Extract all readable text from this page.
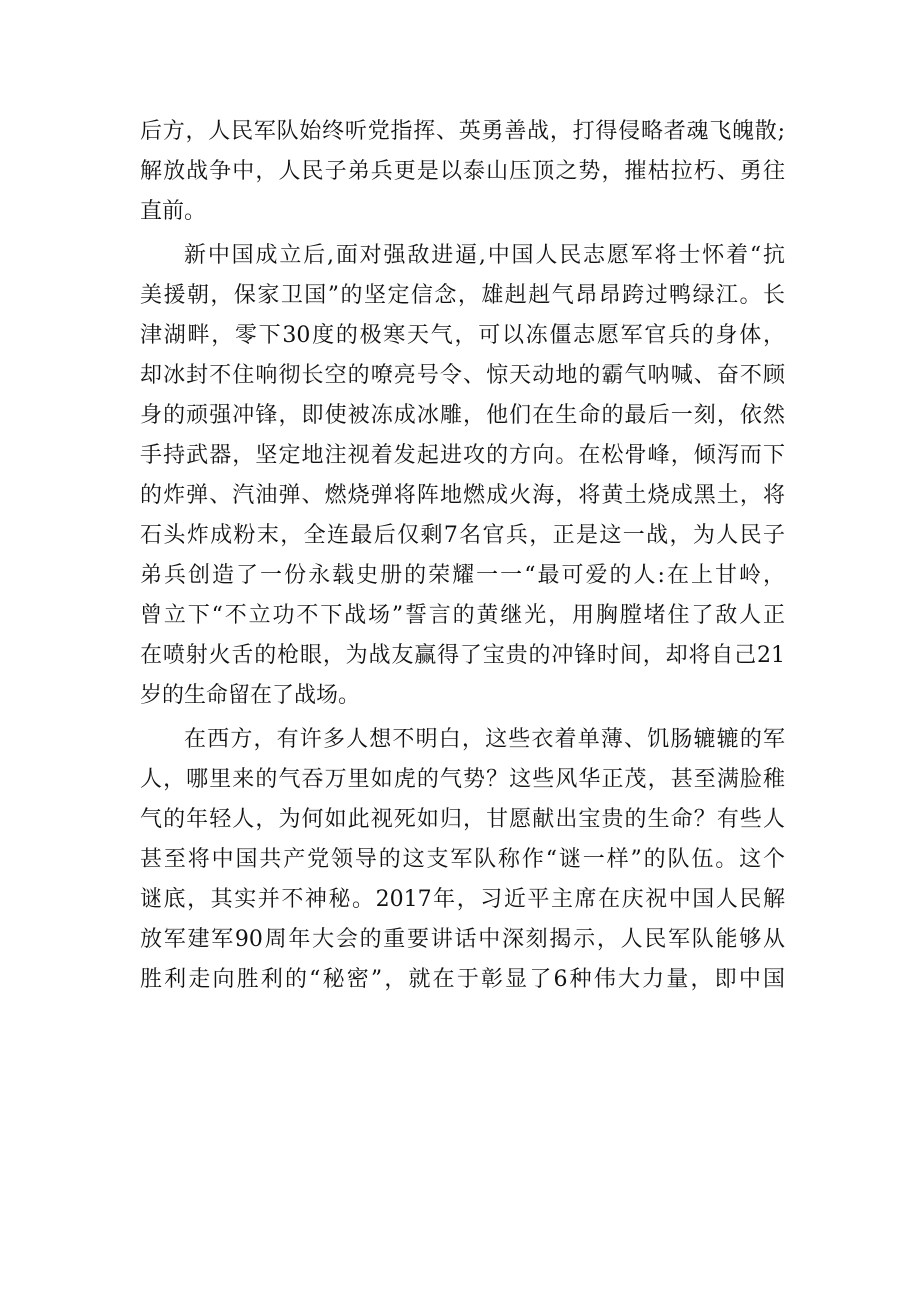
后方，人民军队始终听党指挥、英勇善战，打得侵略者魂飞魄散;
解放战争中，人民子弟兵更是以泰山压顶之势，摧枯拉朽、勇往
直前。
新中国成立后,面对强敌进逼,中国人民志愿军将士怀着“抗
美援朝，保家卫国”的坚定信念，雄赳赳气昂昂跨过鸭绿江。长
津湖畔，零下30度的极寒天气，可以冻僵志愿军官兵的身体，
却冰封不住响彻长空的嘹亮号令、惊天动地的霸气呐喊、奋不顾
身的顽强冲锋，即使被冻成冰雕，他们在生命的最后一刻，依然
手持武器，坚定地注视着发起进攻的方向。在松骨峰，倾泻而下
的炸弹、汽油弹、燃烧弹将阵地燃成火海，将黄土烧成黑土，将
石头炸成粉末，全连最后仅剩7名官兵，正是这一战，为人民子
弟兵创造了一份永载史册的荣耀一一“最可爱的人:在上甘岭，
曾立下“不立功不下战场”誓言的黄继光，用胸膛堵住了敌人正
在喷射火舌的枪眼，为战友赢得了宝贵的冲锋时间，却将自己21
岁的生命留在了战场。
在西方，有许多人想不明白，这些衣着单薄、饥肠辘辘的军
人，哪里来的气吞万里如虎的气势？这些风华正茂，甚至满脸稚
气的年轻人，为何如此视死如归，甘愿献出宝贵的生命？有些人
甚至将中国共产党领导的这支军队称作“谜一样”的队伍。这个
谜底，其实并不神秘。2017年，习近平主席在庆祝中国人民解
放军建军90周年大会的重要讲话中深刻揭示，人民军队能够从
胜利走向胜利的“秘密”，就在于彰显了6种伟大力量，即中国
